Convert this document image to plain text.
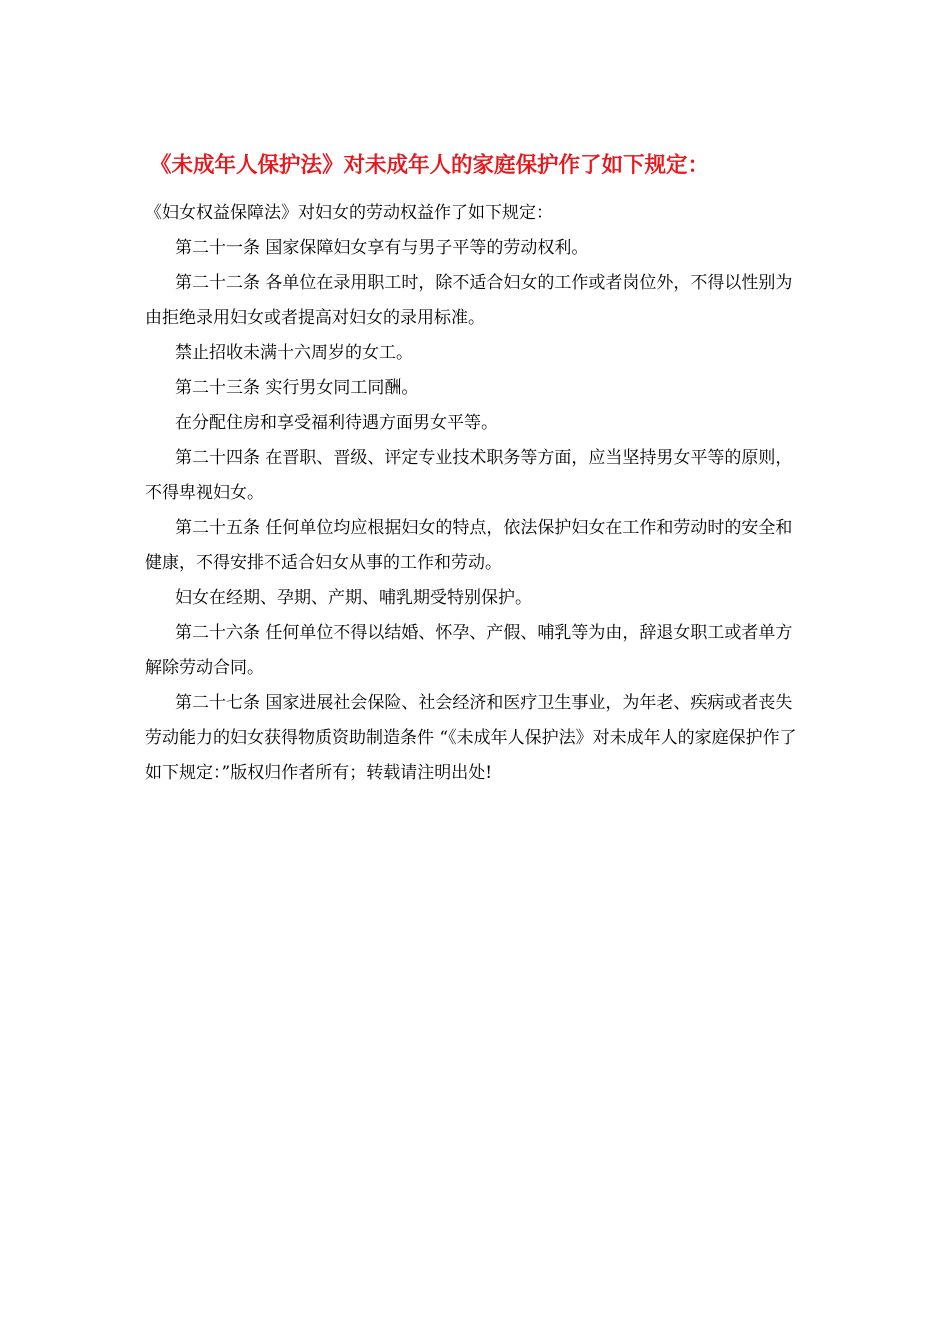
《未成年人保护法》对未成年人的家庭保护作了如下规定：

《妇女权益保障法》对妇女的劳动权益作了如下规定：

第二十一条 国家保障妇女享有与男子平等的劳动权利。

第二十二条 各单位在录用职工时，除不适合妇女的工作或者岗位外，不得以性别为由拒绝录用妇女或者提高对妇女的录用标准。

禁止招收未满十六周岁的女工。

第二十三条 实行男女同工同酬。

在分配住房和享受福利待遇方面男女平等。

第二十四条 在晋职、晋级、评定专业技术职务等方面，应当坚持男女平等的原则，不得卑视妇女。

第二十五条 任何单位均应根据妇女的特点，依法保护妇女在工作和劳动时的安全和健康，不得安排不适合妇女从事的工作和劳动。

妇女在经期、孕期、产期、哺乳期受特别保护。

第二十六条 任何单位不得以结婚、怀孕、产假、哺乳等为由，辞退女职工或者单方解除劳动合同。

第二十七条 国家进展社会保险、社会经济和医疗卫生事业，为年老、疾病或者丧失劳动能力的妇女获得物质资助制造条件 “《未成年人保护法》对未成年人的家庭保护作了如下规定：”版权归作者所有；转载请注明出处!
